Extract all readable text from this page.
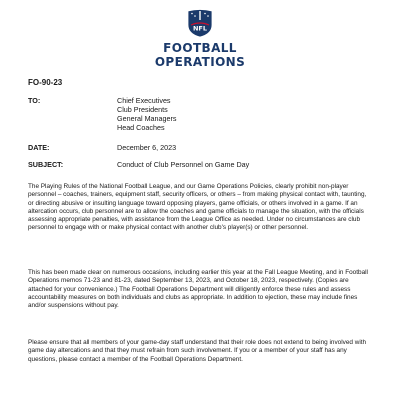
NFL
FOOTBALL
OPERATIONS
FO-90-23
TO:	Chief Executives
Club Presidents
General Managers
Head Coaches
DATE:	December 6, 2023
SUBJECT:	Conduct of Club Personnel on Game Day

The Playing Rules of the National Football League, and our Game Operations Policies, clearly prohibit non-player personnel – coaches, trainers, equipment staff, security officers, or others – from making physical contact with, taunting, or directing abusive or insulting language toward opposing players, game officials, or others involved in a game. If an altercation occurs, club personnel are to allow the coaches and game officials to manage the situation, with the officials assessing appropriate penalties, with assistance from the League Office as needed. Under no circumstances are club personnel to engage with or make physical contact with another club's player(s) or other personnel.

This has been made clear on numerous occasions, including earlier this year at the Fall League Meeting, and in Football Operations memos 71-23 and 81-23, dated September 13, 2023, and October 18, 2023, respectively. (Copies are attached for your convenience.) The Football Operations Department will diligently enforce these rules and assess accountability measures on both individuals and clubs as appropriate. In addition to ejection, these may include fines and/or suspensions without pay.

Please ensure that all members of your game-day staff understand that their role does not extend to being involved with game day altercations and that they must refrain from such involvement. If you or a member of your staff has any questions, please contact a member of the Football Operations Department.
